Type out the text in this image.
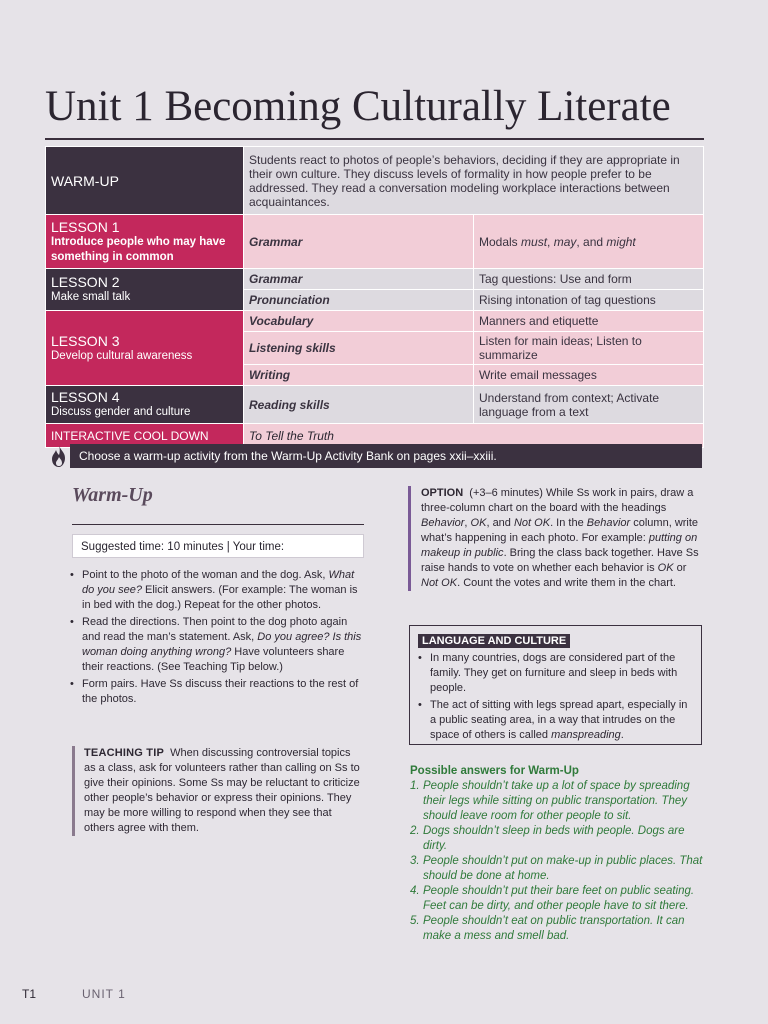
Unit 1 Becoming Culturally Literate
WARM-UP	Students react to photos of people’s behaviors, deciding if they are appropriate in their own culture. They discuss levels of formality in how people prefer to be addressed. They read a conversation modeling workplace interactions between acquaintances.	

LESSON 1
Introduce people who may have something in common	Grammar	Modals must, may, and might

LESSON 2
Make small talk	Grammar	Tag questions: Use and form
	Pronunciation	Rising intonation of tag questions

LESSON 3
Develop cultural awareness	Vocabulary	Manners and etiquette
	Listening skills	Listen for main ideas; Listen to summarize
	Writing	Write email messages

LESSON 4
Discuss gender and culture	Reading skills	Understand from context; Activate language from a text
INTERACTIVE COOL DOWN	To Tell the Truth	
Choose a warm-up activity from the Warm-Up Activity Bank on pages xxii–xxiii.
Warm-Up
Suggested time: 10 minutes | Your time:
• Point to the photo of the woman and the dog. Ask, What do you see? Elicit answers. (For example: The woman is in bed with the dog.) Repeat for the other photos.
• Read the directions. Then point to the dog photo again and read the man’s statement. Ask, Do you agree? Is this woman doing anything wrong? Have volunteers share their reactions. (See Teaching Tip below.)
• Form pairs. Have Ss discuss their reactions to the rest of the photos.
TEACHING TIP When discussing controversial topics as a class, ask for volunteers rather than calling on Ss to give their opinions. Some Ss may be reluctant to criticize other people’s behavior or express their opinions. They may be more willing to respond when they see that others agree with them.
OPTION (+3–6 minutes) While Ss work in pairs, draw a three-column chart on the board with the headings Behavior, OK, and Not OK. In the Behavior column, write what’s happening in each photo. For example: putting on makeup in public. Bring the class back together. Have Ss raise hands to vote on whether each behavior is OK or Not OK. Count the votes and write them in the chart.
LANGUAGE AND CULTURE
• In many countries, dogs are considered part of the family. They get on furniture and sleep in beds with people.
• The act of sitting with legs spread apart, especially in a public seating area, in a way that intrudes on the space of others is called manspreading.
Possible answers for Warm-Up
1. People shouldn’t take up a lot of space by spreading their legs while sitting on public transportation. They should leave room for other people to sit.
2. Dogs shouldn’t sleep in beds with people. Dogs are dirty.
3. People shouldn’t put on make-up in public places. That should be done at home.
4. People shouldn’t put their bare feet on public seating. Feet can be dirty, and other people have to sit there.
5. People shouldn’t eat on public transportation. It can make a mess and smell bad.
T1	UNIT 1
